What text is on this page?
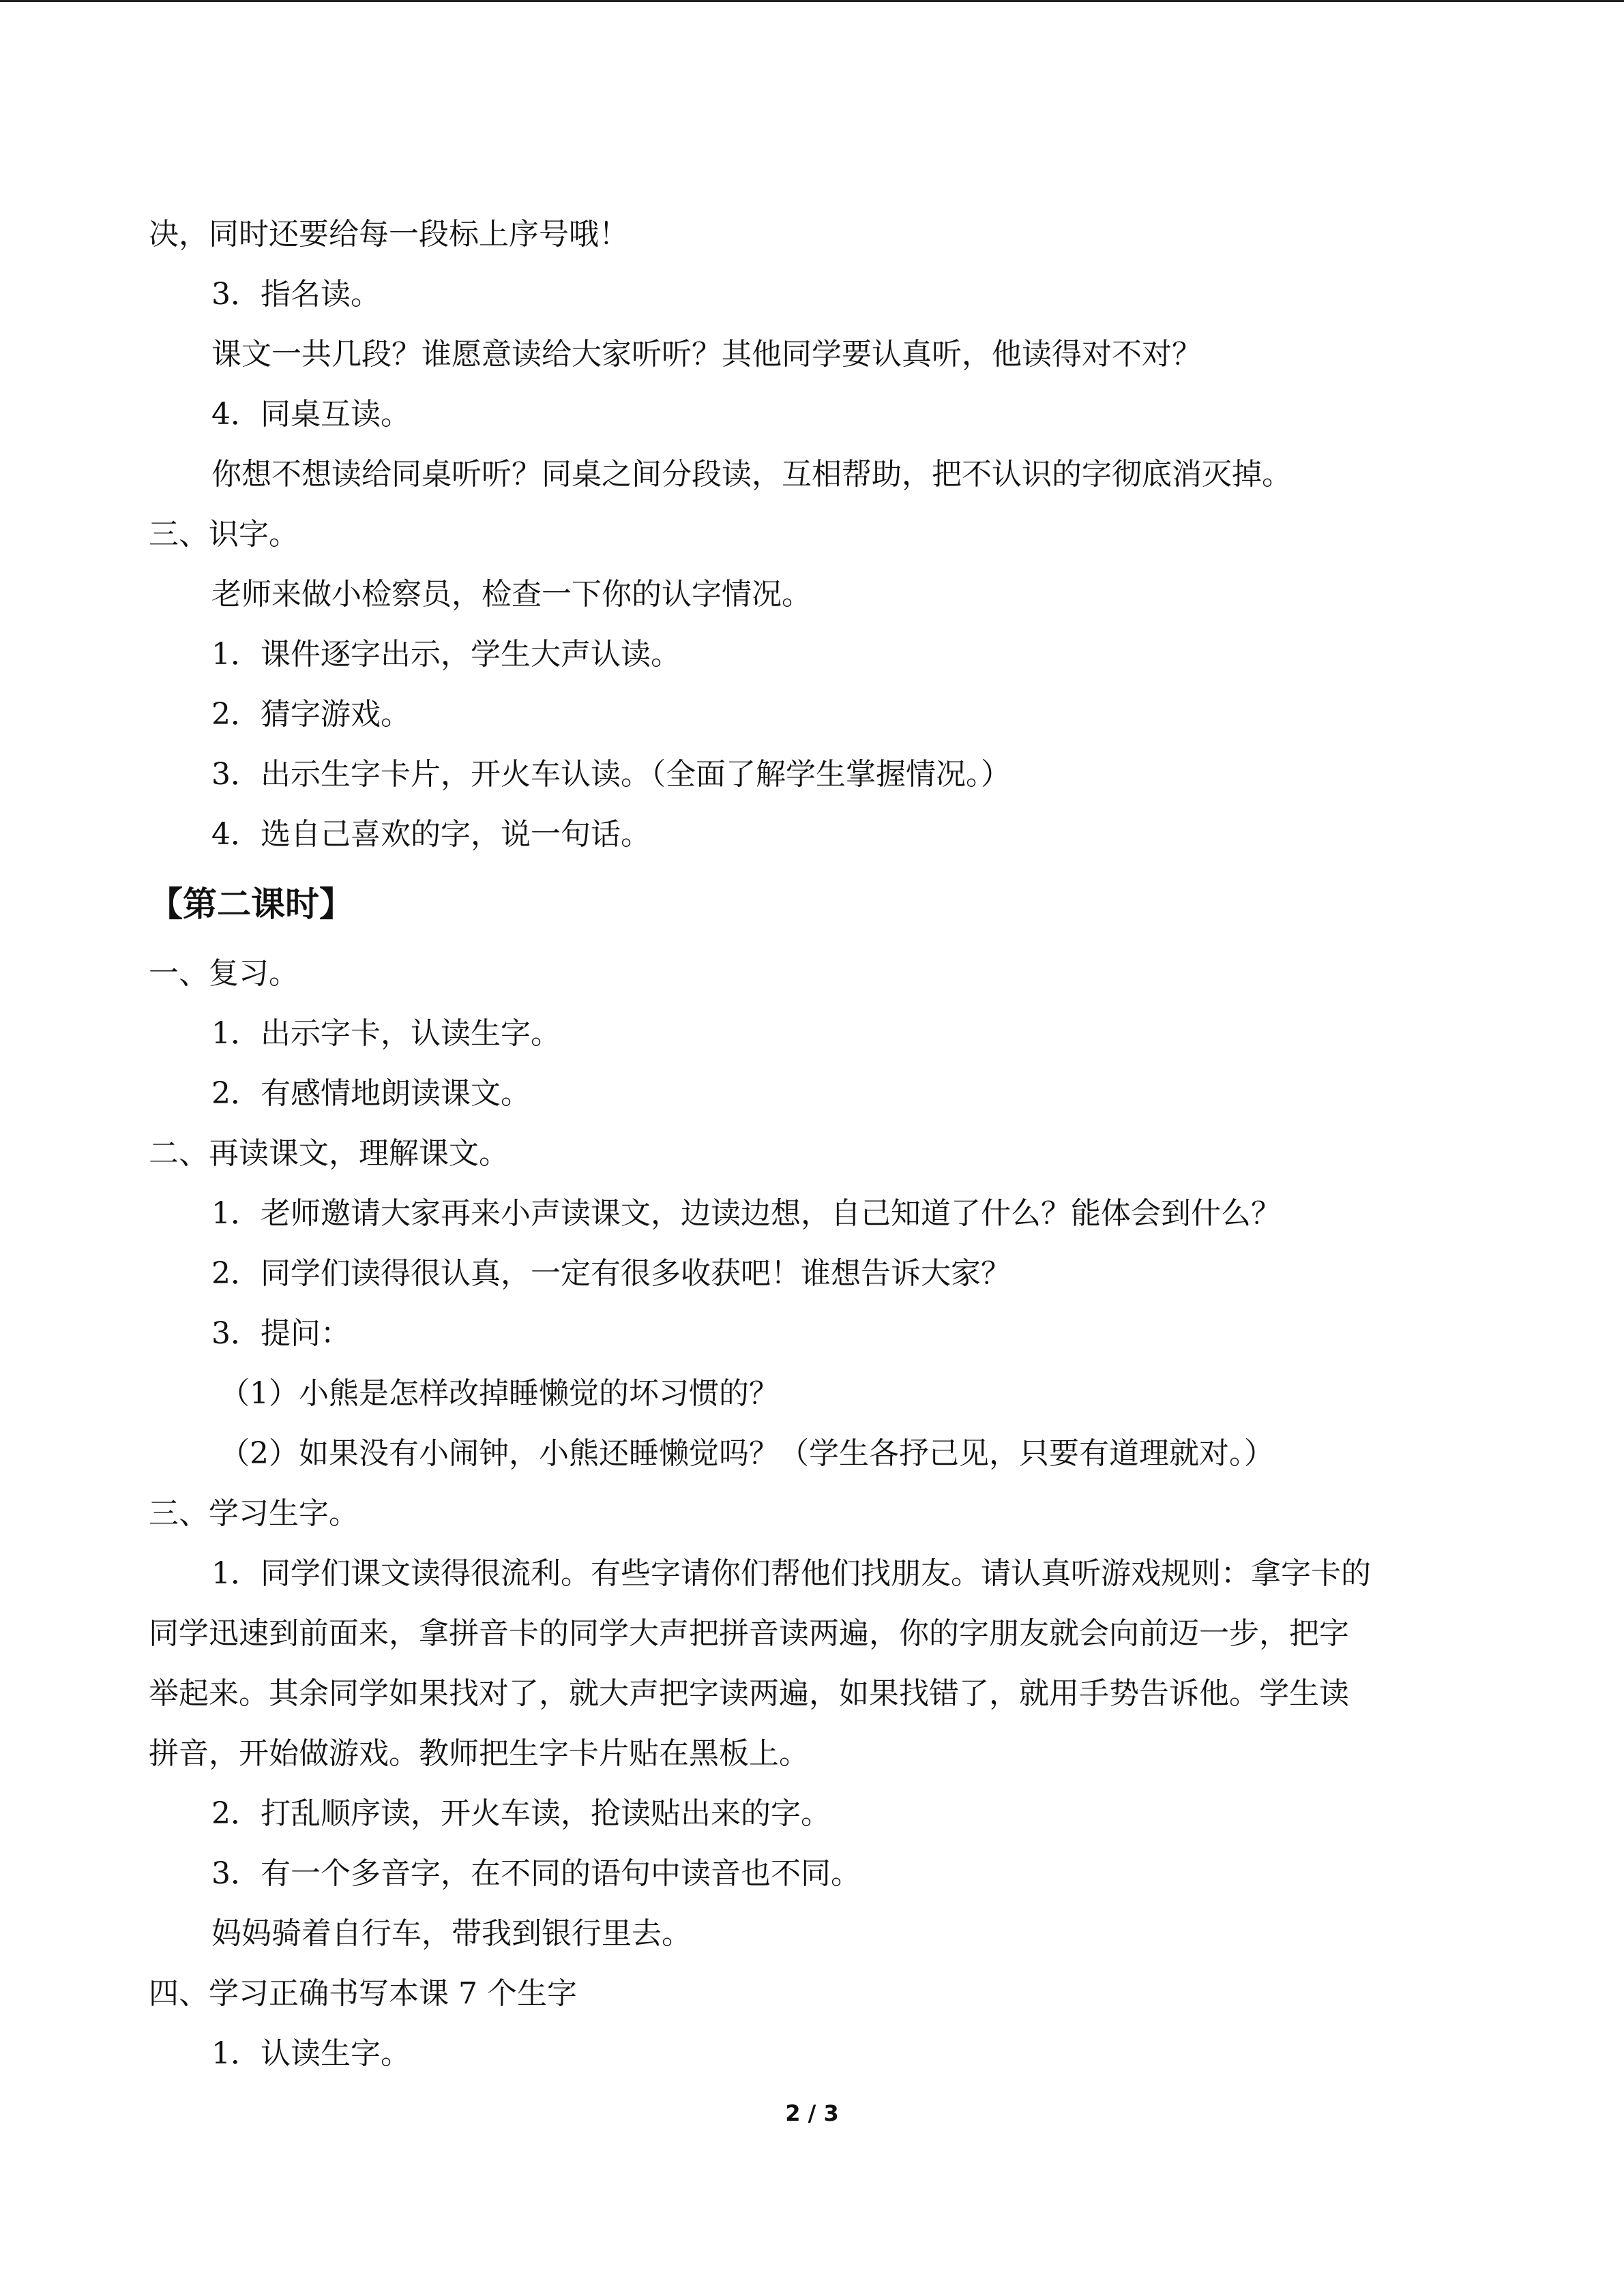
决，同时还要给每一段标上序号哦！
3．指名读。
课文一共几段？谁愿意读给大家听听？其他同学要认真听，他读得对不对？
4．同桌互读。
你想不想读给同桌听听？同桌之间分段读，互相帮助，把不认识的字彻底消灭掉。
三、识字。
老师来做小检察员，检查一下你的认字情况。
1．课件逐字出示，学生大声认读。
2．猜字游戏。
3．出示生字卡片，开火车认读。（全面了解学生掌握情况。）
4．选自己喜欢的字，说一句话。
【第二课时】
一、复习。
1．出示字卡，认读生字。
2．有感情地朗读课文。
二、再读课文，理解课文。
1．老师邀请大家再来小声读课文，边读边想，自己知道了什么？能体会到什么？
2．同学们读得很认真，一定有很多收获吧！谁想告诉大家？
3．提问：
（1）小熊是怎样改掉睡懒觉的坏习惯的？
（2）如果没有小闹钟，小熊还睡懒觉吗？（学生各抒己见，只要有道理就对。）
三、学习生字。
1．同学们课文读得很流利。有些字请你们帮他们找朋友。请认真听游戏规则：拿字卡的
同学迅速到前面来，拿拼音卡的同学大声把拼音读两遍，你的字朋友就会向前迈一步，把字
举起来。其余同学如果找对了，就大声把字读两遍，如果找错了，就用手势告诉他。学生读
拼音，开始做游戏。教师把生字卡片贴在黑板上。
2．打乱顺序读，开火车读，抢读贴出来的字。
3．有一个多音字，在不同的语句中读音也不同。
妈妈骑着自行车，带我到银行里去。
四、学习正确书写本课 7 个生字
1．认读生字。
2 / 3
